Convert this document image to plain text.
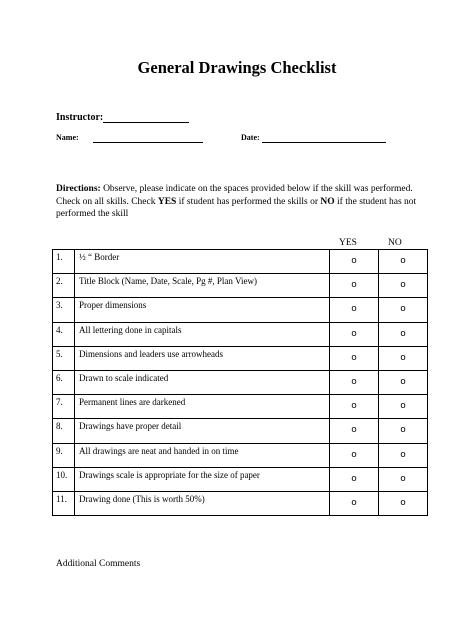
General Drawings Checklist
Instructor:
Name:	Date:
Directions: Observe, please indicate on the spaces provided below if the skill was performed. Check on all skills. Check YES if student has performed the skills or NO if the student has not performed the skill
YES	NO
1.	½ “ Border	o	o
2.	Title Block (Name, Date, Scale, Pg #, Plan View)	o	o
3.	Proper dimensions	o	o
4.	All lettering done in capitals	o	o
5.	Dimensions and leaders use arrowheads	o	o
6.	Drawn to scale indicated	o	o
7.	Permanent lines are darkened	o	o
8.	Drawings have proper detail	o	o
9.	All drawings are neat and handed in on time	o	o
10.	Drawings scale is appropriate for the size of paper	o	o
11.	Drawing done (This is worth 50%)	o	o
Additional Comments
